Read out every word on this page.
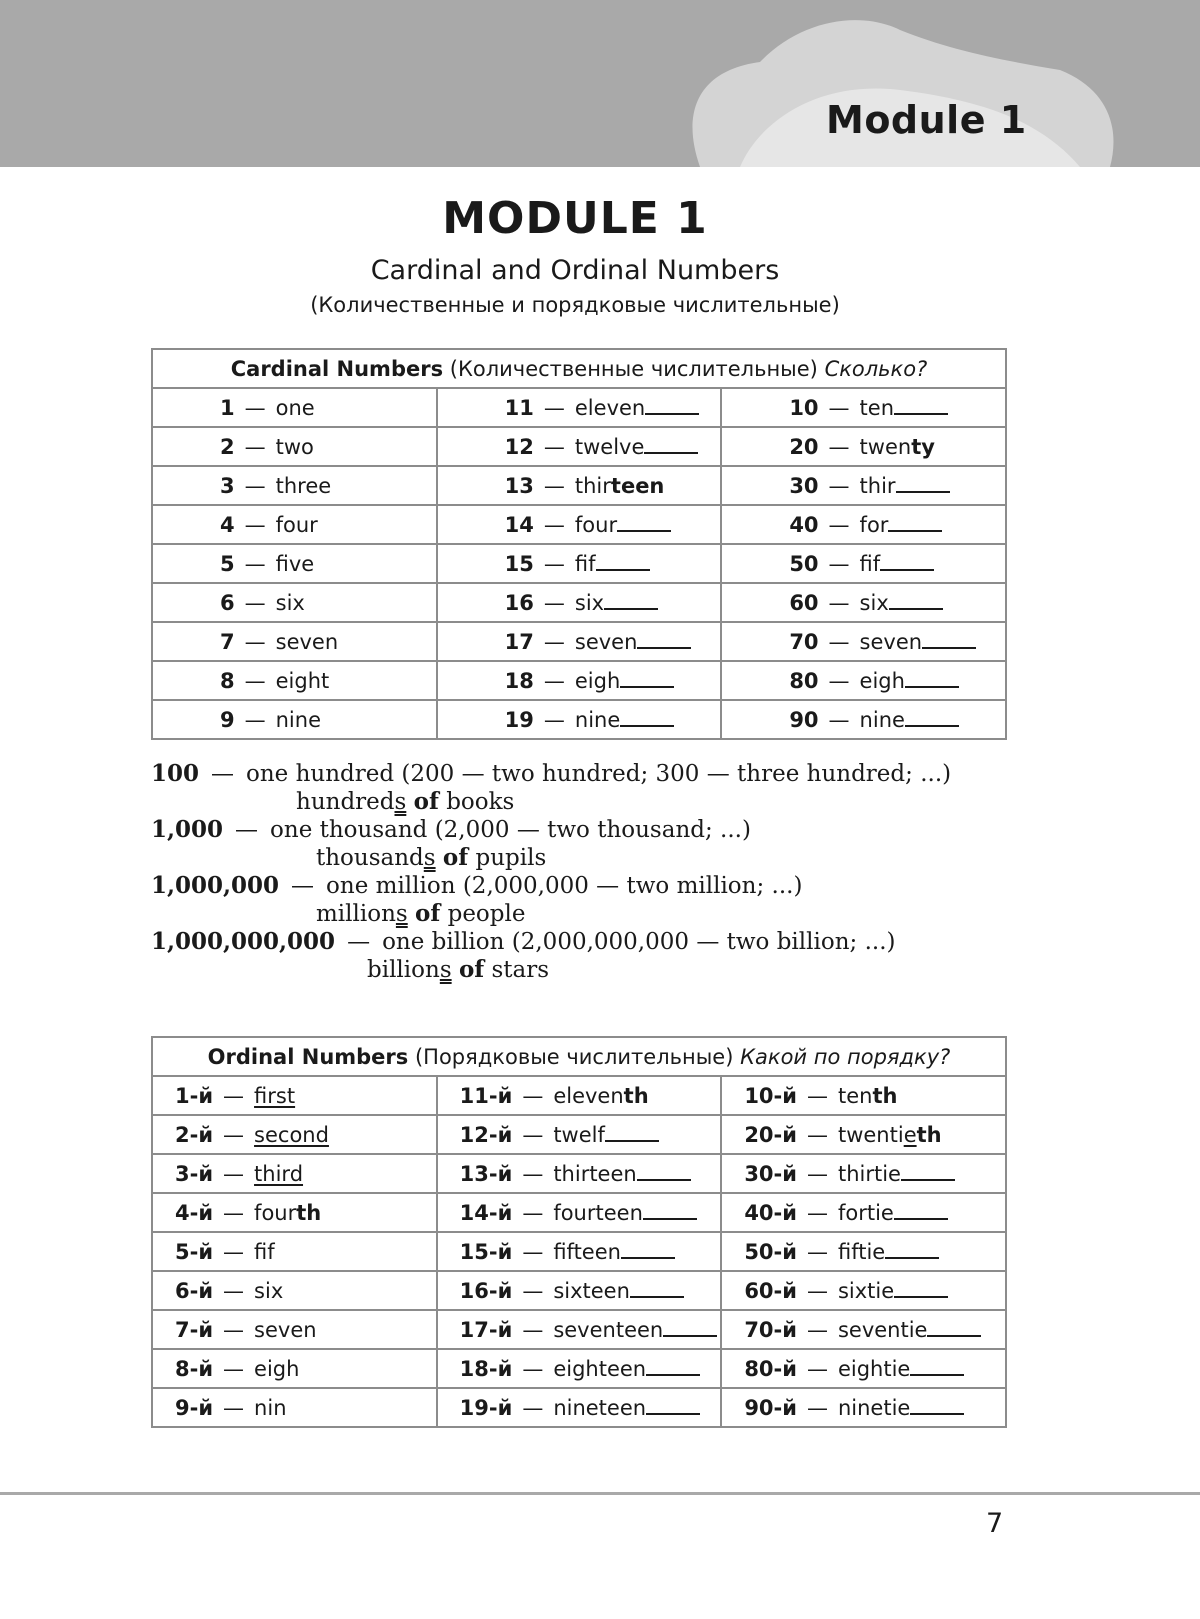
Module 1
MODULE 1
Cardinal and Ordinal Numbers
(Количественные и порядковые числительные)
Cardinal Numbers (Количественные числительные) Сколько?		
1 — one	11 — eleven	10 — ten
2 — two	12 — twelve	20 — twenty
3 — three	13 — thirteen	30 — thir
4 — four	14 — four	40 — for
5 — five	15 — fif	50 — fif
6 — six	16 — six	60 — six
7 — seven	17 — seven	70 — seven
8 — eight	18 — eigh	80 — eigh
9 — nine	19 — nine	90 — nine
100 — one hundred (200 — two hundred; 300 — three hundred; ...)
hundreds of books
1,000 — one thousand (2,000 — two thousand; ...)
thousands of pupils
1,000,000 — one million (2,000,000 — two million; ...)
millions of people
1,000,000,000 — one billion (2,000,000,000 — two billion; ...)
billions of stars
Ordinal Numbers (Порядковые числительные) Какой по порядку?		
1-й — first	11-й — eleventh	10-й — tenth
2-й — second	12-й — twelf	20-й — twentieth
3-й — third	13-й — thirteen	30-й — thirtie
4-й — fourth	14-й — fourteen	40-й — fortie
5-й — fif	15-й — fifteen	50-й — fiftie
6-й — six	16-й — sixteen	60-й — sixtie
7-й — seven	17-й — seventeen	70-й — seventie
8-й — eigh	18-й — eighteen	80-й — eightie
9-й — nin	19-й — nineteen	90-й — ninetie
7
